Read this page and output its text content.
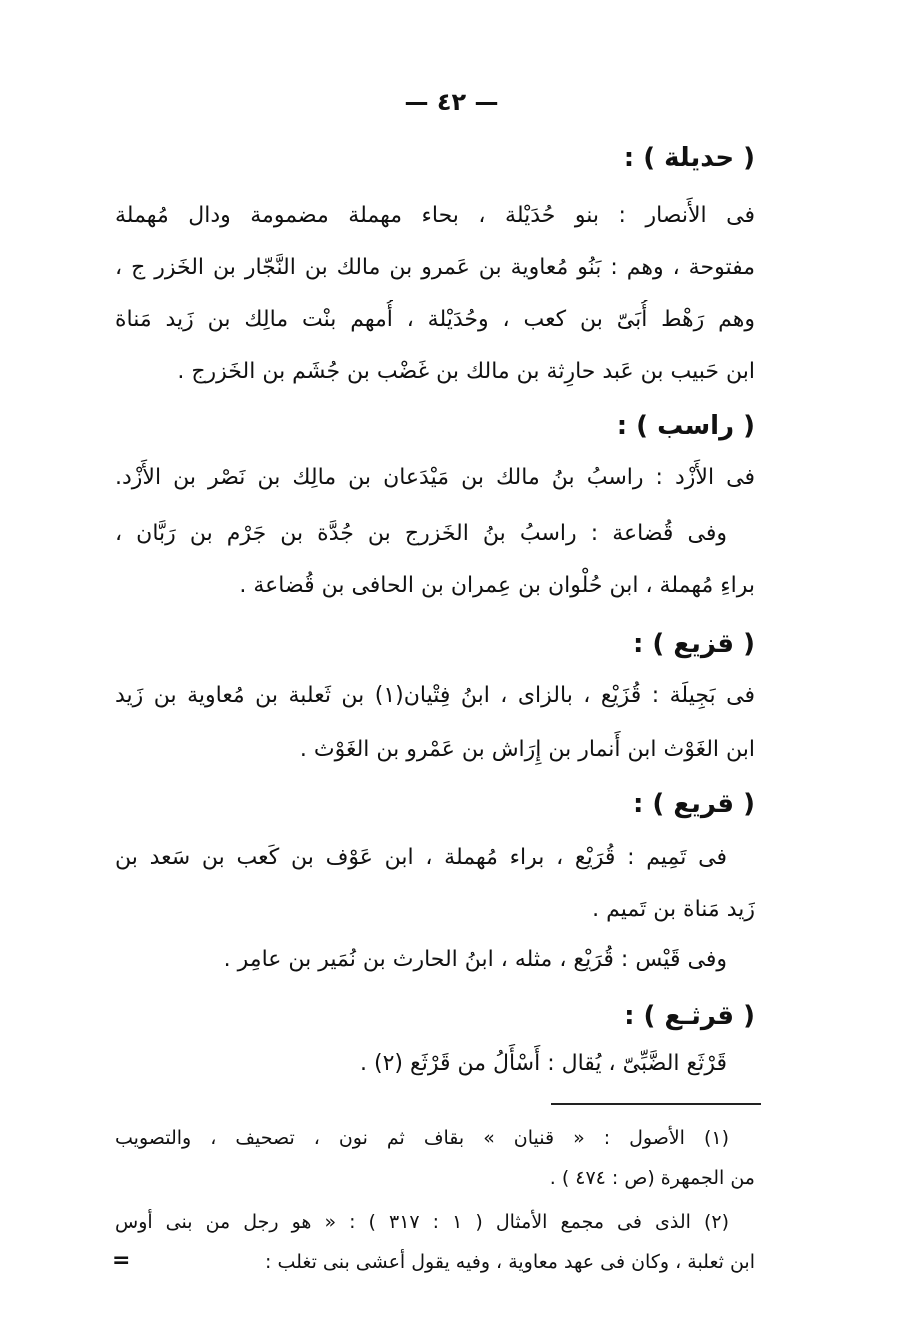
— ٤٢ —
( حديلة ) :
فى الأَنصار : بنو حُدَيْلة ، بحاء مهملة مضمومة ودال مُهملة
مفتوحة ، وهم : بَنُو مُعاوية بن عَمرو بن مالك بن النَّجّار بن الخَزر ج ،
وهم رَهْط أُبَىّ بن كعب ، وحُدَيْلة ، أُمهم بنْت مالِك بن زَيد مَناة
ابن حَبيب بن عَبد حارِثة بن مالك بن غَضْب بن جُشَم بن الخَزرج .
( راسب ) :
فى الأَزْد : راسبُ بنُ مالك بن مَيْدَعان بن مالِك بن نَصْر بن الأَزْد.
وفى قُضاعة : راسبُ بنُ الخَزرج بن جُدَّة بن جَرْم بن رَبَّان ،
براءِ مُهملة ، ابن حُلْوان بن عِمران بن الحافى بن قُضاعة .
( قزيع ) :
فى بَجِيلَة : قُزَيْع ، بالزاى ، ابنُ فِتْيان(١) بن ثَعلبة بن مُعاوية بن زَيد
ابن الغَوْث ابن أَنمار بن إِرَاش بن عَمْرو بن الغَوْث .
( قريع ) :
فى تَمِيم : قُرَيْع ، براء مُهملة ، ابن عَوْف بن كَعب بن سَعد بن
زَيد مَناة بن تَميم .
وفى قَيْس : قُرَيْع ، مثله ، ابنُ الحارث بن نُمَير بن عامِر .
( قرثـع ) :
قَرْثَع الضَّبِّىّ ، يُقال : أَسْأَلُ من قَرْثَع (٢) .
(١) الأصول : « قنيان » بقاف ثم نون ، تصحيف ، والتصويب
من الجمهرة (ص : ٤٧٤ ) .
(٢) الذى فى مجمع الأمثال ( ١ : ٣١٧ ) : « هو رجل من بنى أوس
ابن ثعلبة ، وكان فى عهد معاوية ، وفيه يقول أعشى بنى تغلب :
=
